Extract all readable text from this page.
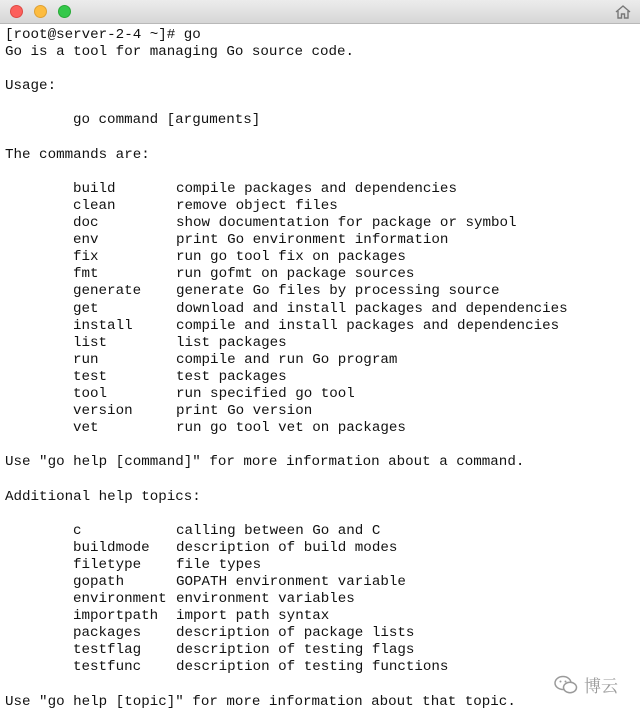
[root@server-2-4 ~]# go
Go is a tool for managing Go source code.
Usage:
go command [arguments]
The commands are:
build	compile packages and dependencies
clean	remove object files
doc	show documentation for package or symbol
env	print Go environment information
fix	run go tool fix on packages
fmt	run gofmt on package sources
generate generate Go files by processing source
get	download and install packages and dependencies
install	compile and install packages and dependencies
list	list packages
run	compile and run Go program
test	test packages
tool	run specified go tool
version	print Go version
vet	run go tool vet on packages
Use "go help [command]" for more information about a command.
Additional help topics:
c	calling between Go and C
buildmode description of build modes
filetype file types
gopath	GOPATH environment variable
environment environment variables
importpath import path syntax
packages description of package lists
testflag description of testing flags
testfunc description of testing functions
Use "go help [topic]" for more information about that topic.
博云
